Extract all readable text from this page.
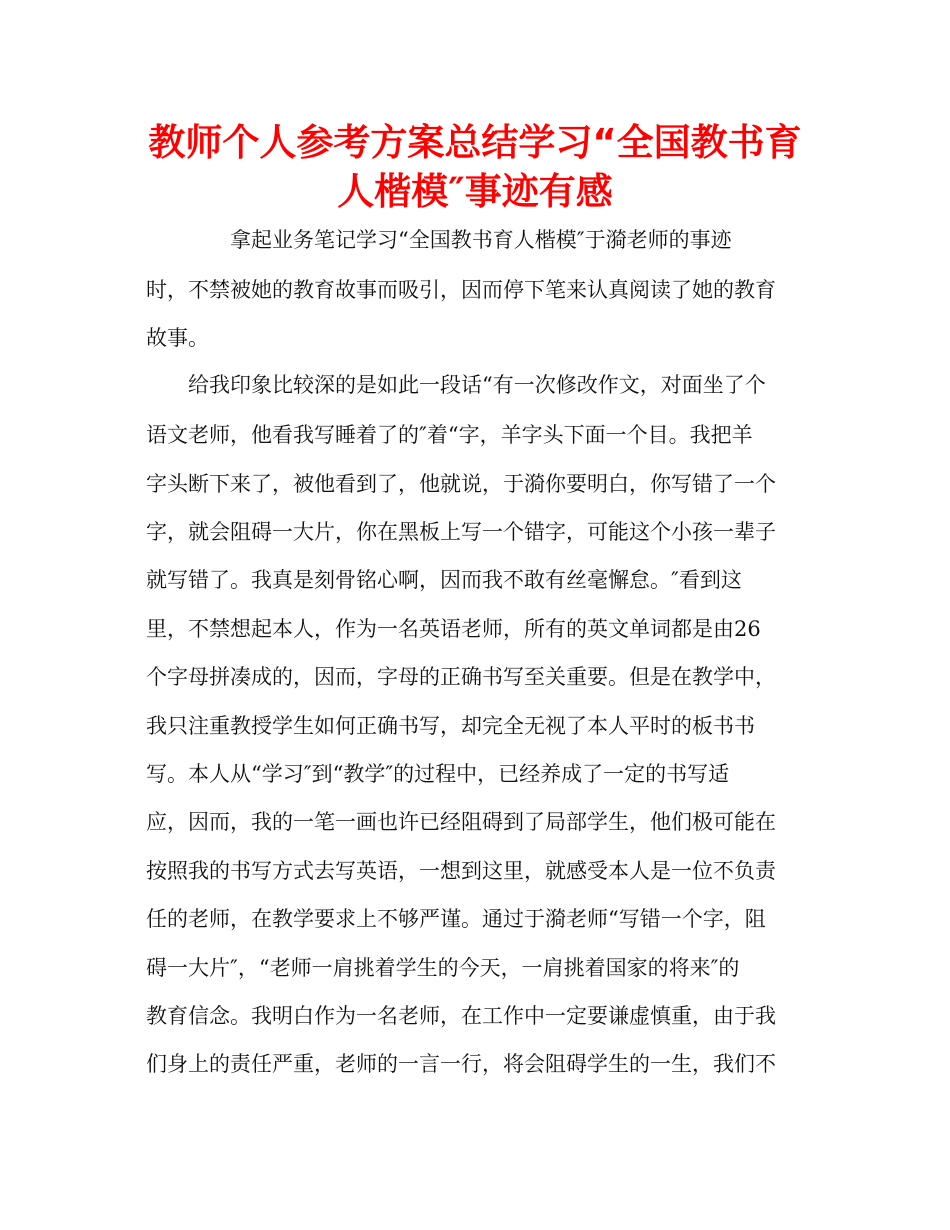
教师个人参考方案总结学习“全国教书育
人楷模″事迹有感

拿起业务笔记学习“全国教书育人楷模″于漪老师的事迹

时，不禁被她的教育故事而吸引，因而停下笔来认真阅读了她的教育

故事。

给我印象比较深的是如此一段话“有一次修改作文，对面坐了个

语文老师，他看我写睡着了的″着“字，羊字头下面一个目。我把羊

字头断下来了，被他看到了，他就说，于漪你要明白，你写错了一个

字，就会阻碍一大片，你在黑板上写一个错字，可能这个小孩一辈子

就写错了。我真是刻骨铭心啊，因而我不敢有丝毫懈怠。″看到这

里，不禁想起本人，作为一名英语老师，所有的英文单词都是由26

个字母拼凑成的，因而，字母的正确书写至关重要。但是在教学中，

我只注重教授学生如何正确书写，却完全无视了本人平时的板书书

写。本人从“学习″到“教学″的过程中，已经养成了一定的书写适

应，因而，我的一笔一画也许已经阻碍到了局部学生，他们极可能在

按照我的书写方式去写英语，一想到这里，就感受本人是一位不负责

任的老师，在教学要求上不够严谨。通过于漪老师“写错一个字，阻

碍一大片″，“老师一肩挑着学生的今天，一肩挑着国家的将来″的

教育信念。我明白作为一名老师，在工作中一定要谦虚慎重，由于我

们身上的责任严重，老师的一言一行，将会阻碍学生的一生，我们不
